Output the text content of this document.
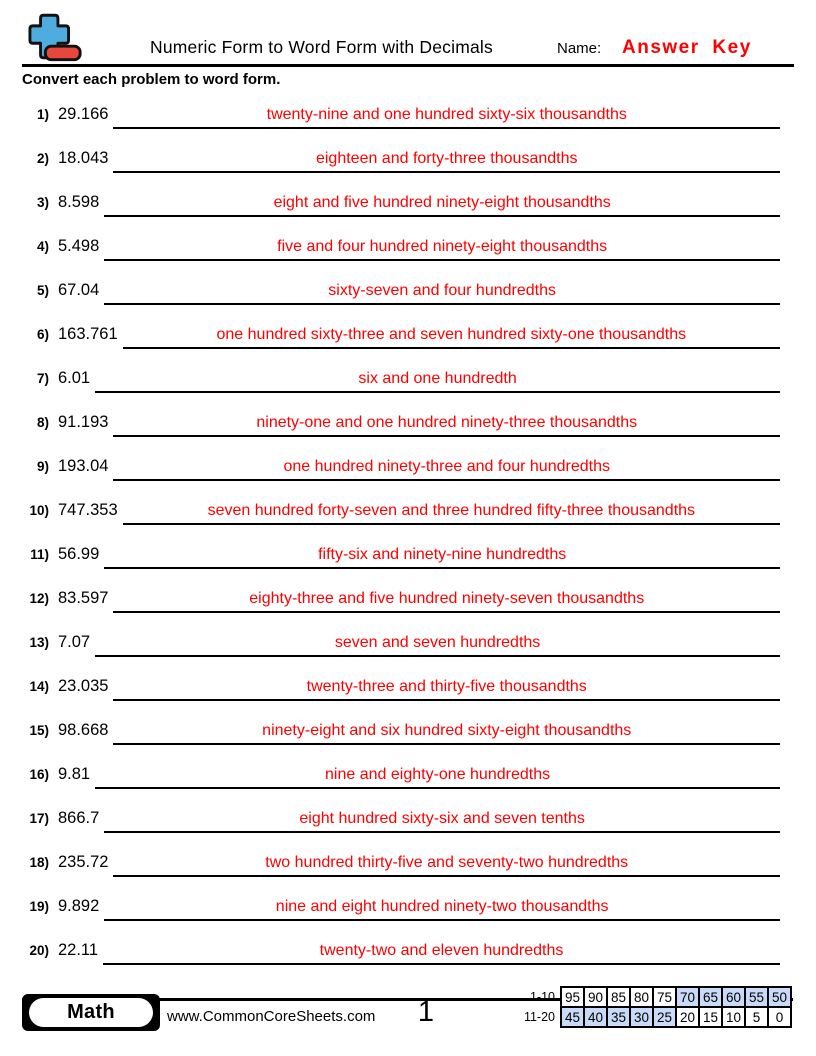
Numeric Form to Word Form with Decimals	Name: Answer Key
Convert each problem to word form.
1) 29.166	twenty-nine and one hundred sixty-six thousandths
2) 18.043	eighteen and forty-three thousandths
3) 8.598	eight and five hundred ninety-eight thousandths
4) 5.498	five and four hundred ninety-eight thousandths
5) 67.04	sixty-seven and four hundredths
6) 163.761	one hundred sixty-three and seven hundred sixty-one thousandths
7) 6.01	six and one hundredth
8) 91.193	ninety-one and one hundred ninety-three thousandths
9) 193.04	one hundred ninety-three and four hundredths
10) 747.353	seven hundred forty-seven and three hundred fifty-three thousandths
11) 56.99	fifty-six and ninety-nine hundredths
12) 83.597	eighty-three and five hundred ninety-seven thousandths
13) 7.07	seven and seven hundredths
14) 23.035	twenty-three and thirty-five thousandths
15) 98.668	ninety-eight and six hundred sixty-eight thousandths
16) 9.81	nine and eighty-one hundredths
17) 866.7	eight hundred sixty-six and seven tenths
18) 235.72	two hundred thirty-five and seventy-two hundredths
19) 9.892	nine and eight hundred ninety-two thousandths
20) 22.11	twenty-two and eleven hundredths
Math	www.CommonCoreSheets.com	1	1-10	95	90	85	80	75	70	65	60	55	50
11-20	45	40	35	30	25	20	15	10	5	0
